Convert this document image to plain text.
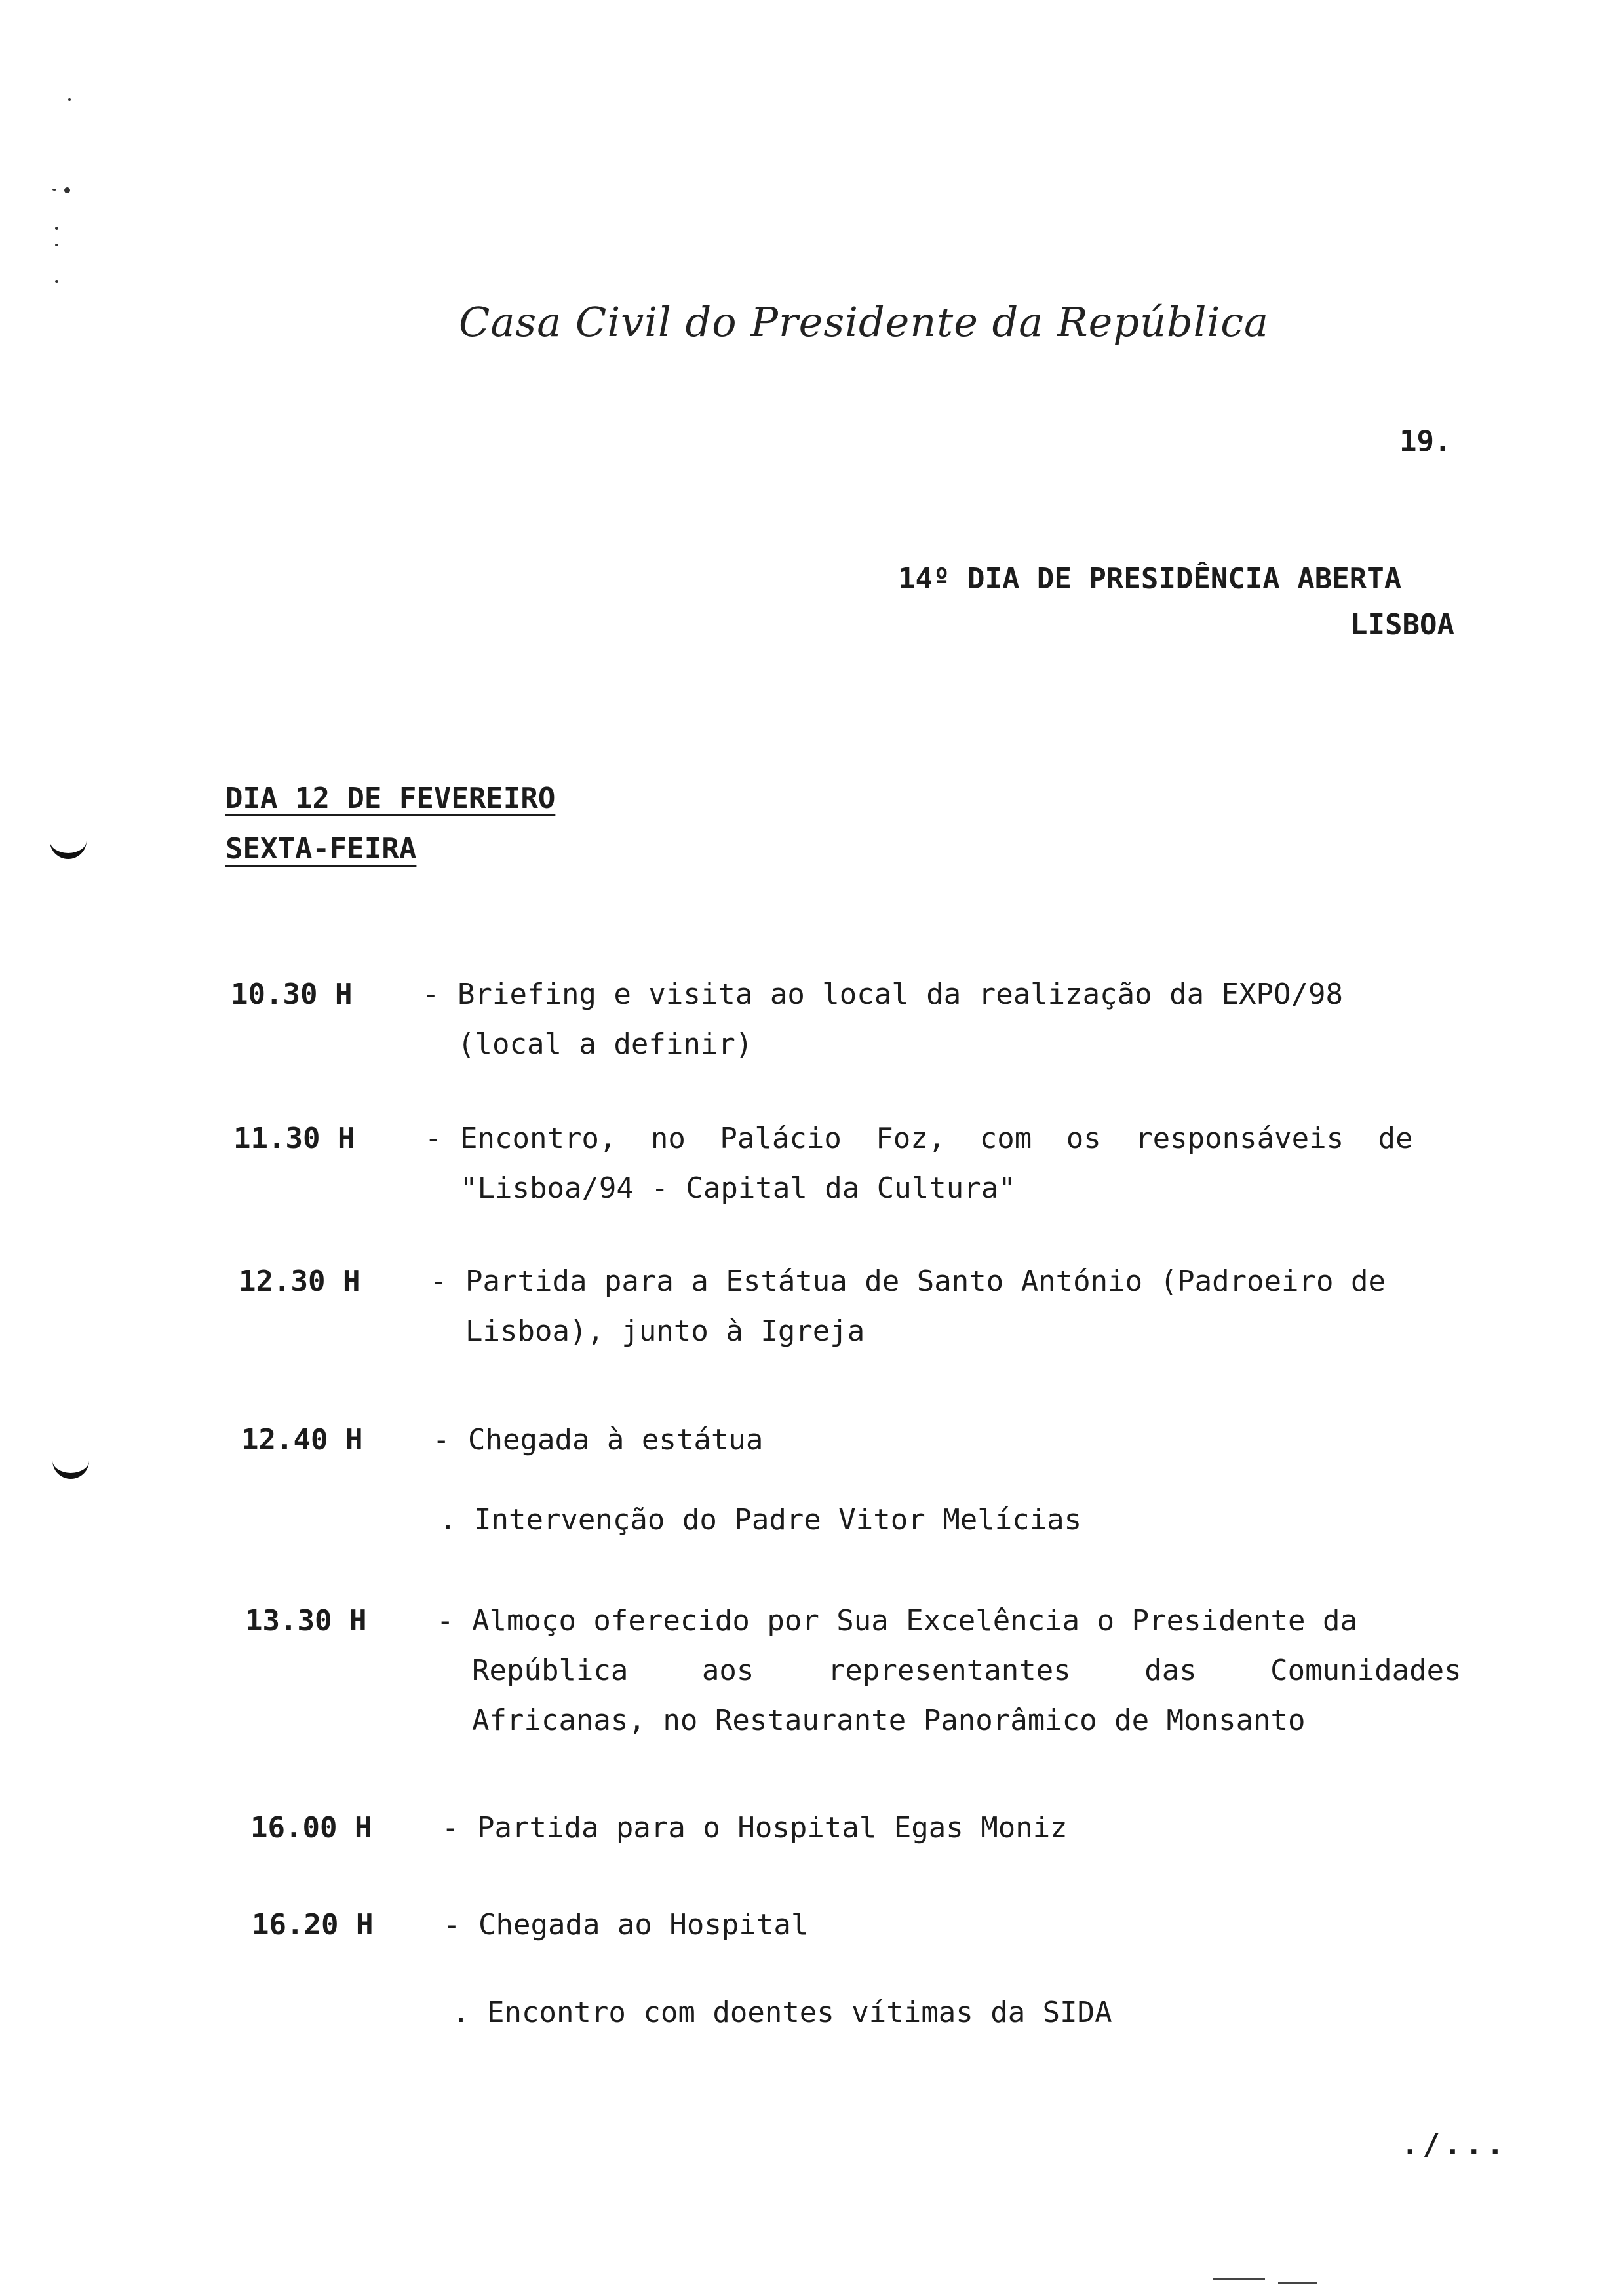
Casa Civil do Presidente da República
19.
14º DIA DE PRESIDÊNCIA ABERTA
LISBOA
DIA 12 DE FEVEREIRO
SEXTA-FEIRA
10.30 H	- Briefing e visita ao local da realização da EXPO/98
(local a definir)
11.30 H	- Encontro, no Palácio Foz, com os responsáveis de
"Lisboa/94 - Capital da Cultura"
12.30 H	- Partida para a Estátua de Santo António (Padroeiro de
Lisboa), junto à Igreja
12.40 H	- Chegada à estátua
. Intervenção do Padre Vitor Melícias
13.30 H	- Almoço oferecido por Sua Excelência o Presidente da
República aos representantes das Comunidades
Africanas, no Restaurante Panorâmico de Monsanto
16.00 H	- Partida para o Hospital Egas Moniz
16.20 H	- Chegada ao Hospital
. Encontro com doentes vítimas da SIDA
./...
